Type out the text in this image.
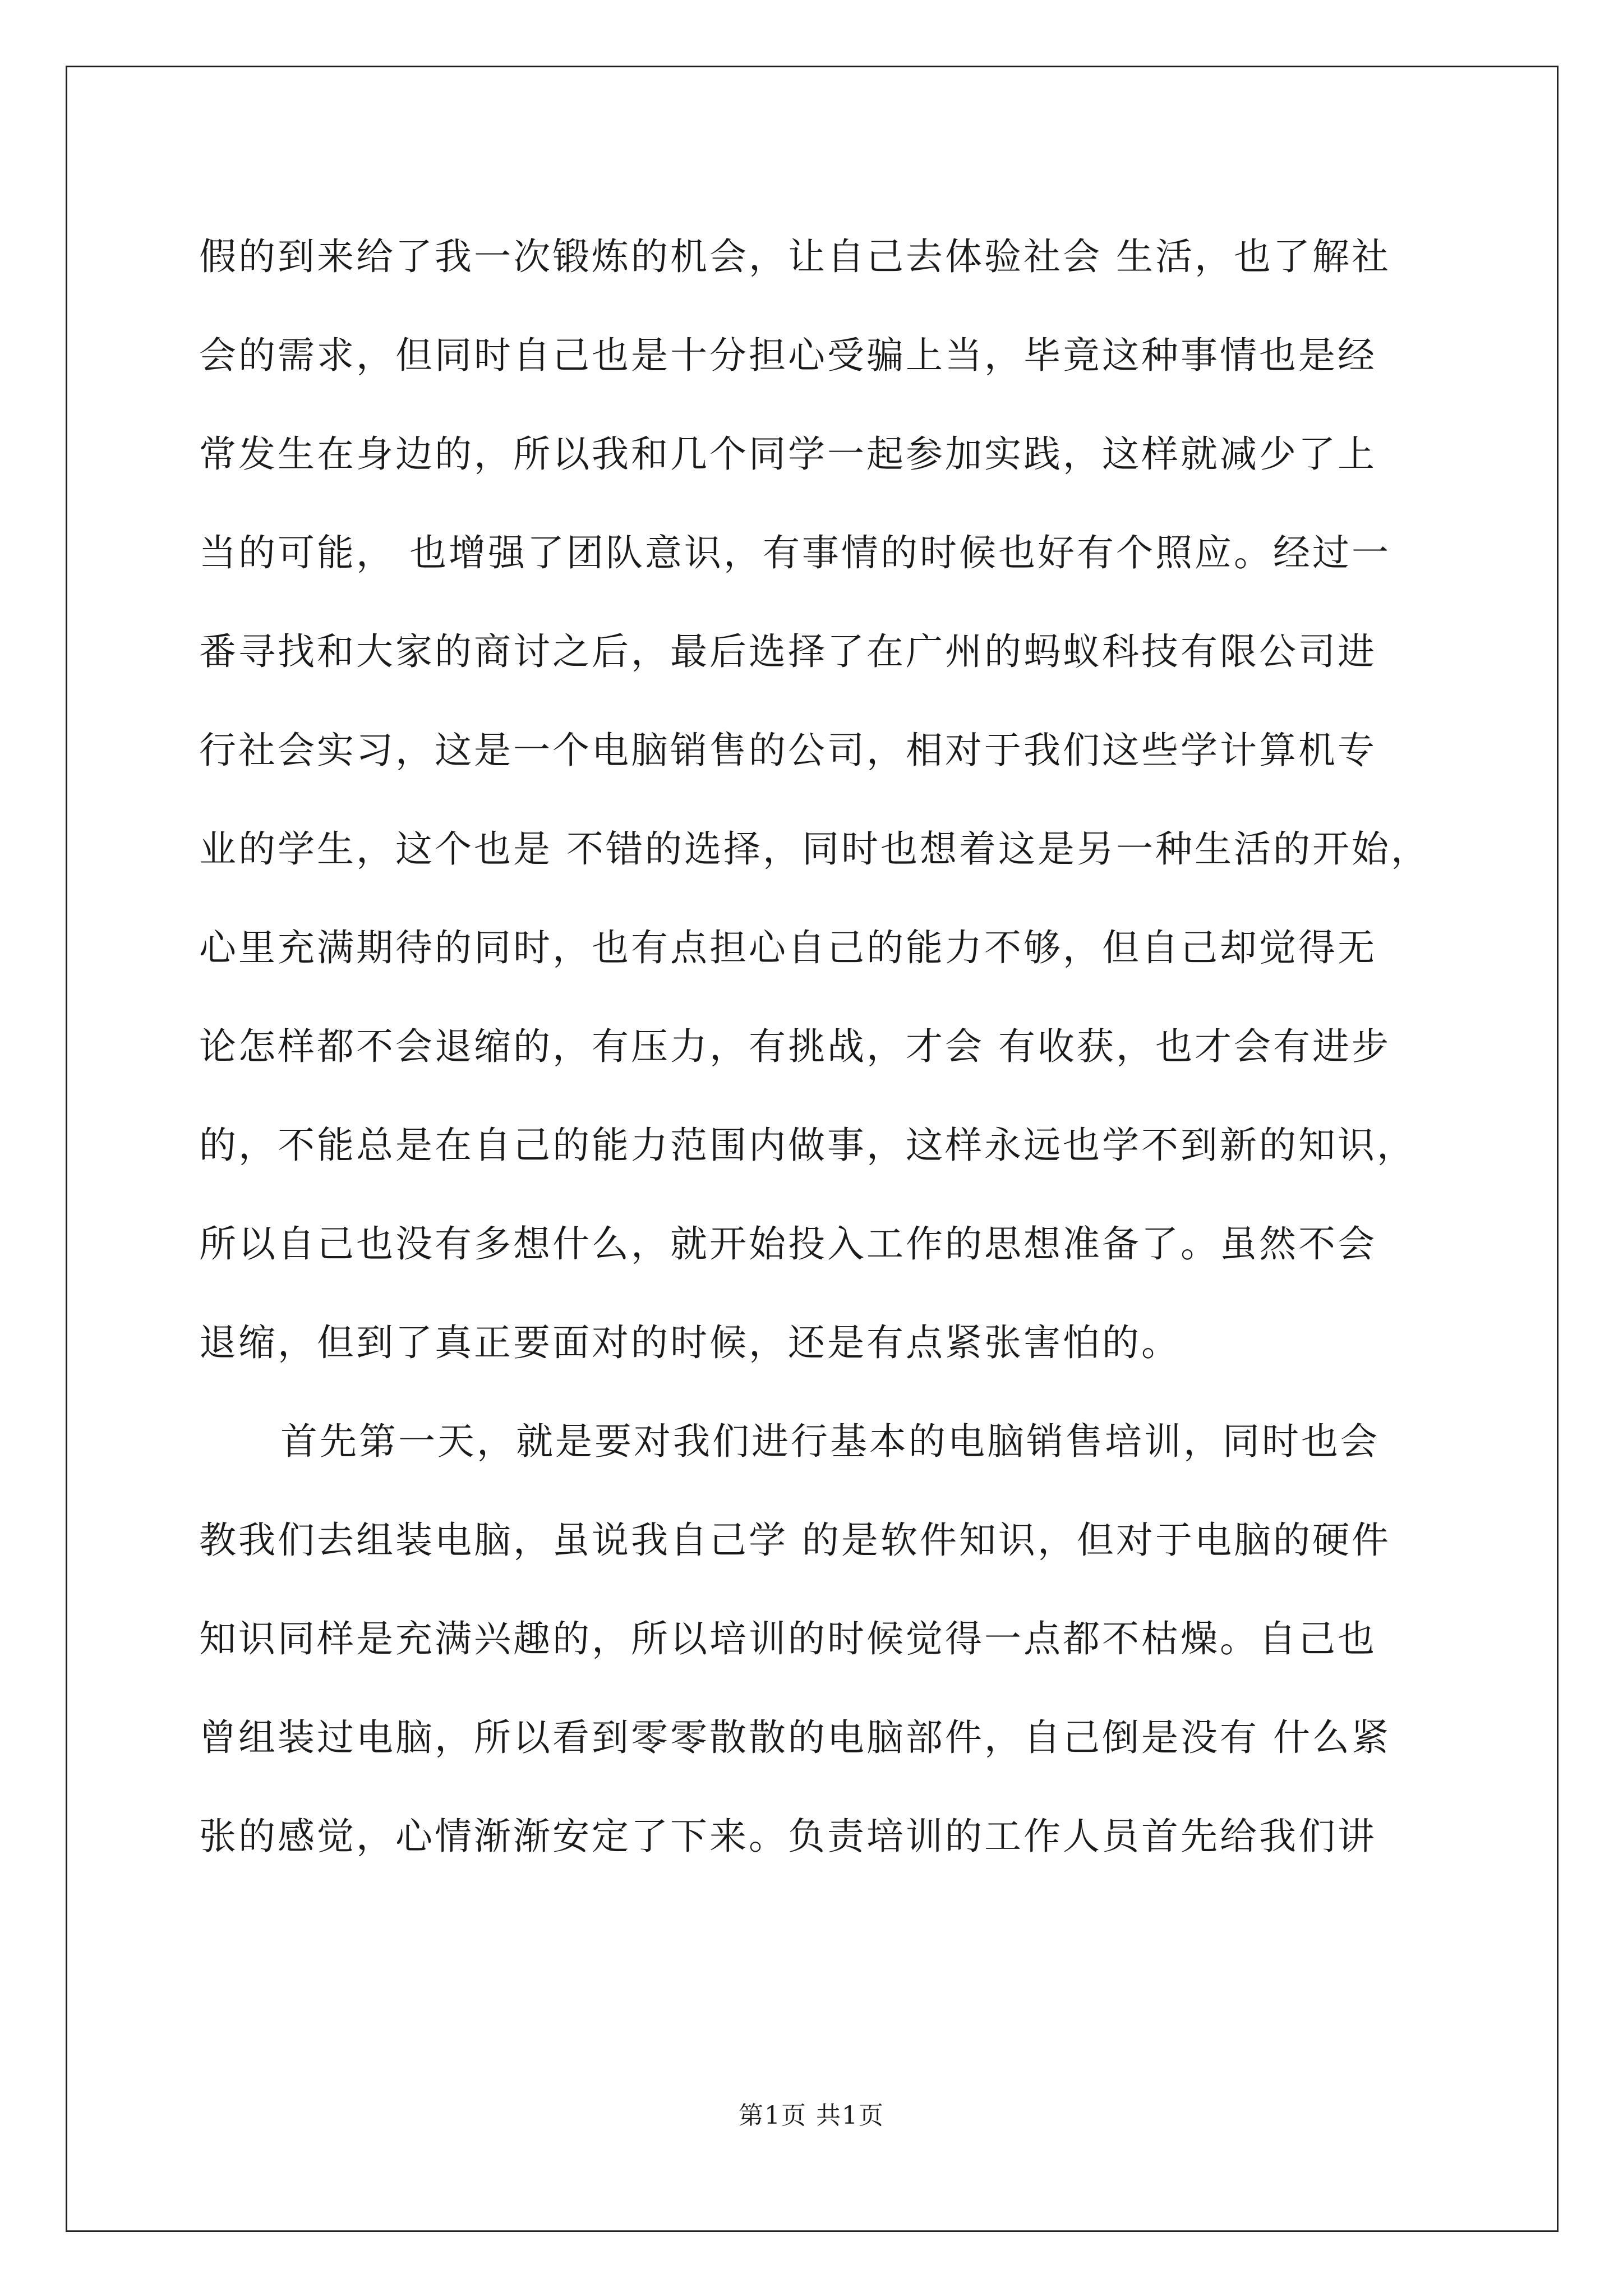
假的到来给了我一次锻炼的机会，让自己去体验社会 生活，也了解社
会的需求，但同时自己也是十分担心受骗上当，毕竟这种事情也是经
常发生在身边的，所以我和几个同学一起参加实践，这样就减少了上
当的可能， 也增强了团队意识，有事情的时候也好有个照应。经过一
番寻找和大家的商讨之后，最后选择了在广州的蚂蚁科技有限公司进
行社会实习，这是一个电脑销售的公司，相对于我们这些学计算机专
业的学生，这个也是 不错的选择，同时也想着这是另一种生活的开始，
心里充满期待的同时，也有点担心自己的能力不够，但自己却觉得无
论怎样都不会退缩的，有压力，有挑战，才会 有收获，也才会有进步
的，不能总是在自己的能力范围内做事，这样永远也学不到新的知识，
所以自己也没有多想什么，就开始投入工作的思想准备了。虽然不会
退缩，但到了真正要面对的时候，还是有点紧张害怕的。
首先第一天，就是要对我们进行基本的电脑销售培训，同时也会
教我们去组装电脑，虽说我自己学 的是软件知识，但对于电脑的硬件
知识同样是充满兴趣的，所以培训的时候觉得一点都不枯燥。自己也
曾组装过电脑，所以看到零零散散的电脑部件，自己倒是没有 什么紧
张的感觉，心情渐渐安定了下来。负责培训的工作人员首先给我们讲
第1页 共1页
